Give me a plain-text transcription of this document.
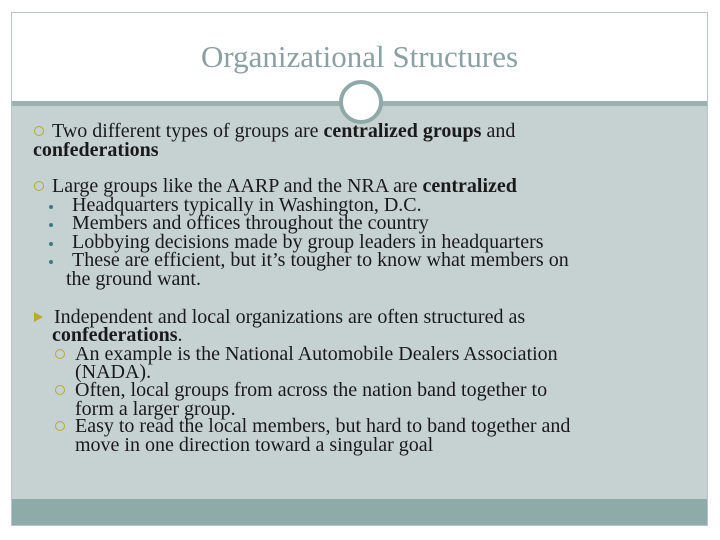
Organizational Structures
Two different types of groups are centralized groups and
confederations
Large groups like the AARP and the NRA are centralized
Headquarters typically in Washington, D.C.
Members and offices throughout the country
Lobbying decisions made by group leaders in headquarters
These are efficient, but it’s tougher to know what members on
the ground want.
Independent and local organizations are often structured as
confederations.
An example is the National Automobile Dealers Association
(NADA).
Often, local groups from across the nation band together to
form a larger group.
Easy to read the local members, but hard to band together and
move in one direction toward a singular goal
